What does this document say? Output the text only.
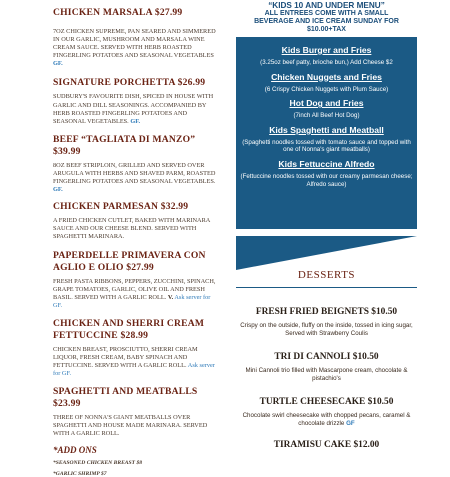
CHICKEN MARSALA $27.99
7OZ CHICKEN SUPREME, PAN SEARED AND SIMMERED IN OUR GARLIC, MUSHROOM AND MARSALA WINE CREAM SAUCE. SERVED WITH HERB ROASTED FINGERLING POTATOES AND SEASONAL VEGETABLES GF.
SIGNATURE PORCHETTA $26.99
SUDBURY'S FAVOURITE DISH, SPICED IN HOUSE WITH GARLIC AND DILL SEASONINGS. ACCOMPANIED BY HERB ROASTED FINGERLING POTATOES AND SEASONAL VEGETABLES. GF.
BEEF “TAGLIATA DI MANZO” $39.99
8OZ BEEF STRIPLOIN, GRILLED AND SERVED OVER ARUGULA WITH HERBS AND SHAVED PARM, ROASTED FINGERLING POTATOES AND SEASONAL VEGETABLES. GF.
CHICKEN PARMESAN $32.99
A FRIED CHICKEN CUTLET, BAKED WITH MARINARA SAUCE AND OUR CHEESE BLEND. SERVED WITH SPAGHETTI MARINARA.
PAPERDELLE PRIMAVERA CON AGLIO E OLIO $27.99
FRESH PASTA RIBBONS, PEPPERS, ZUCCHINI, SPINACH, GRAPE TOMATOES, GARLIC, OLIVE OIL AND FRESH BASIL. SERVED WITH A GARLIC ROLL. V. Ask server for GF.
CHICKEN AND SHERRI CREAM FETTUCCINE $28.99
CHICKEN BREAST, PROSCIUTTO, SHERRI CREAM LIQUOR, FRESH CREAM, BABY SPINACH AND FETTUCCINE. SERVED WITH A GARLIC ROLL. Ask server for GF.
SPAGHETTI AND MEATBALLS $23.99
THREE OF NONNA'S GIANT MEATBALLS OVER SPAGHETTI AND HOUSE MADE MARINARA. SERVED WITH A GARLIC ROLL.
*ADD ONS
*SEASONED CHICKEN BREAST $8
*GARLIC SHRIMP $7
“KIDS 10 AND UNDER MENU”
ALL ENTREES COME WITH A SMALL
BEVERAGE AND ICE CREAM SUNDAY FOR
$10.00+TAX
Kids Burger and Fries
(3.25oz beef patty, brioche bun,) Add Cheese $2
Chicken Nuggets and Fries
(6 Crispy Chicken Nuggets with Plum Sauce)
Hot Dog and Fries
(7inch All Beef Hot Dog)
Kids Spaghetti and Meatball
(Spaghetti noodles tossed with tomato sauce and topped with one of Nonna's giant meatballs)
Kids Fettuccine Alfredo
(Fettuccine noodles tossed with our creamy parmesan cheese; Alfredo sauce)
DESSERTS
FRESH FRIED BEIGNETS $10.50
Crispy on the outside, fluffy on the inside, tossed in icing sugar, Served with Strawberry Coulis
TRI DI CANNOLI $10.50
Mini Cannoli trio filled with Mascarpone cream, chocolate & pistachio's
TURTLE CHEESECAKE $10.50
Chocolate swirl cheesecake with chopped pecans, caramel & chocolate drizzle GF
TIRAMISU CAKE $12.00
